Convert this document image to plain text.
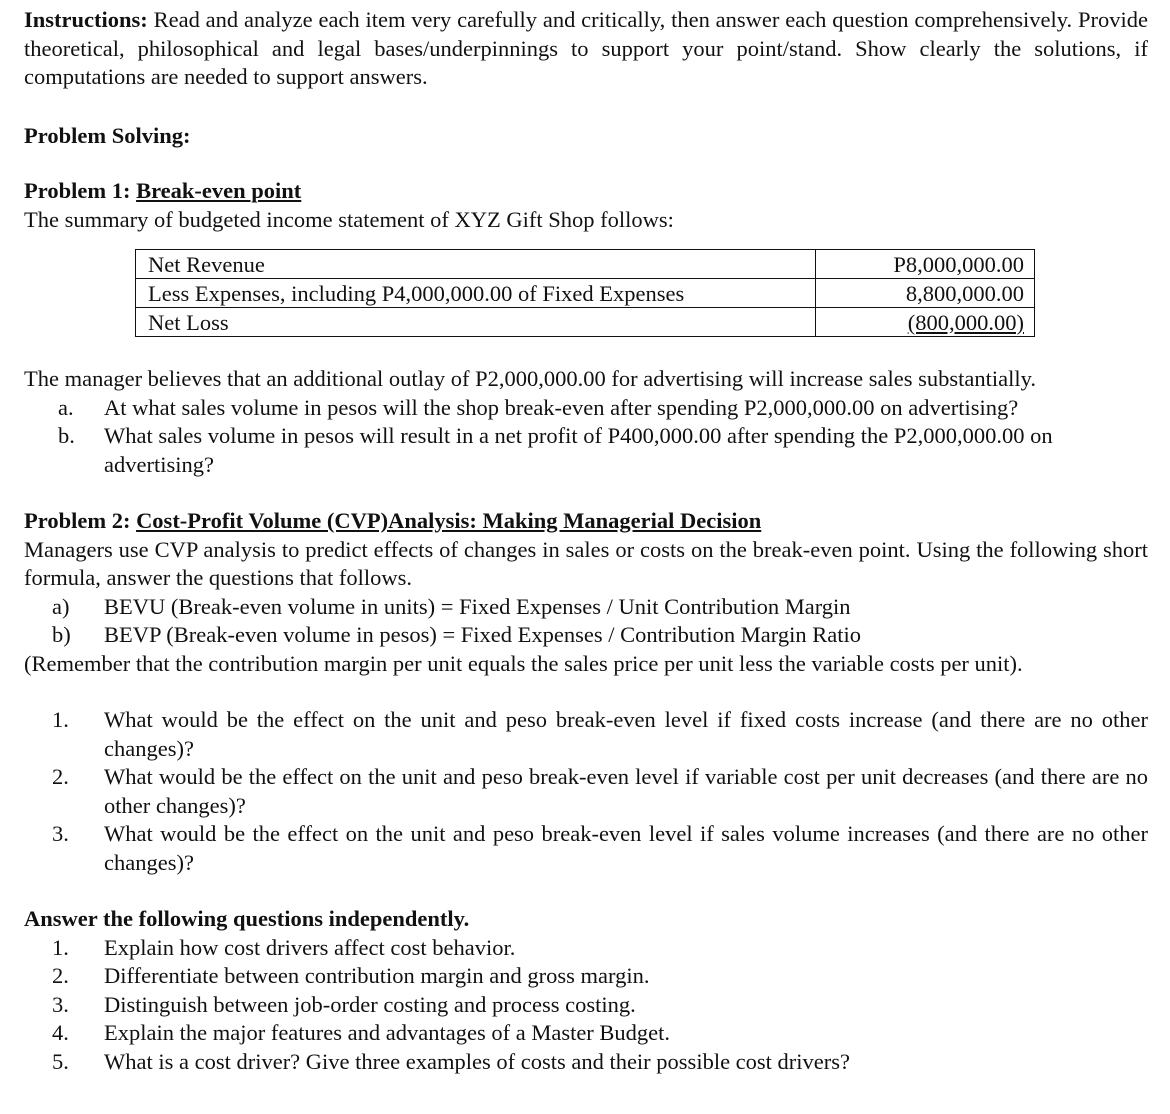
Instructions: Read and analyze each item very carefully and critically, then answer each question comprehensively. Provide theoretical, philosophical and legal bases/underpinnings to support your point/stand. Show clearly the solutions, if computations are needed to support answers.

Problem Solving:

Problem 1: Break-even point

The summary of budgeted income statement of XYZ Gift Shop follows:

Net Revenue	P8,000,000.00
Less Expenses, including P4,000,000.00 of Fixed Expenses	8,800,000.00
Net Loss	(800,000.00)

The manager believes that an additional outlay of P2,000,000.00 for advertising will increase sales substantially.

a.	At what sales volume in pesos will the shop break-even after spending P2,000,000.00 on advertising?
b.	What sales volume in pesos will result in a net profit of P400,000.00 after spending the P2,000,000.00 on advertising?

Problem 2: Cost-Profit Volume (CVP)Analysis: Making Managerial Decision

Managers use CVP analysis to predict effects of changes in sales or costs on the break-even point. Using the following short formula, answer the questions that follows.

a)	BEVU (Break-even volume in units) = Fixed Expenses / Unit Contribution Margin
b)	BEVP (Break-even volume in pesos) = Fixed Expenses / Contribution Margin Ratio

(Remember that the contribution margin per unit equals the sales price per unit less the variable costs per unit).

1.	What would be the effect on the unit and peso break-even level if fixed costs increase (and there are no other changes)?
2.	What would be the effect on the unit and peso break-even level if variable cost per unit decreases (and there are no other changes)?
3.	What would be the effect on the unit and peso break-even level if sales volume increases (and there are no other changes)?

Answer the following questions independently.

1.	Explain how cost drivers affect cost behavior.
2.	Differentiate between contribution margin and gross margin.
3.	Distinguish between job-order costing and process costing.
4.	Explain the major features and advantages of a Master Budget.
5.	What is a cost driver? Give three examples of costs and their possible cost drivers?
